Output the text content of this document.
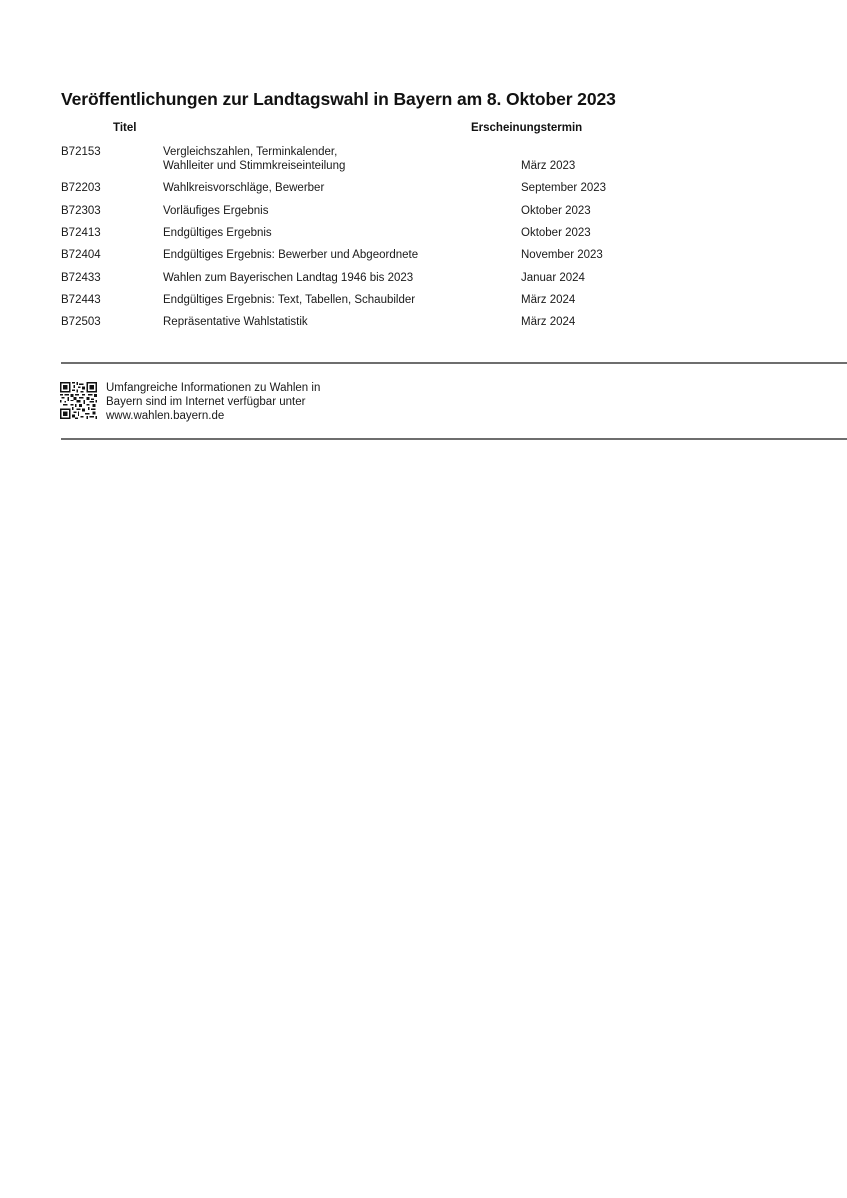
Veröffentlichungen zur Landtagswahl in Bayern am 8. Oktober 2023
Titel	Erscheinungstermin
B72153	Vergleichszahlen, Terminkalender,
Wahlleiter und Stimmkreiseinteilung	März 2023
B72203	Wahlkreisvorschläge, Bewerber	September 2023
B72303	Vorläufiges Ergebnis	Oktober 2023
B72413	Endgültiges Ergebnis	Oktober 2023
B72404	Endgültiges Ergebnis: Bewerber und Abgeordnete	November 2023
B72433	Wahlen zum Bayerischen Landtag 1946 bis 2023	Januar 2024
B72443	Endgültiges Ergebnis: Text, Tabellen, Schaubilder	März 2024
B72503	Repräsentative Wahlstatistik	März 2024
Umfangreiche Informationen zu Wahlen in
Bayern sind im Internet verfügbar unter
www.wahlen.bayern.de
